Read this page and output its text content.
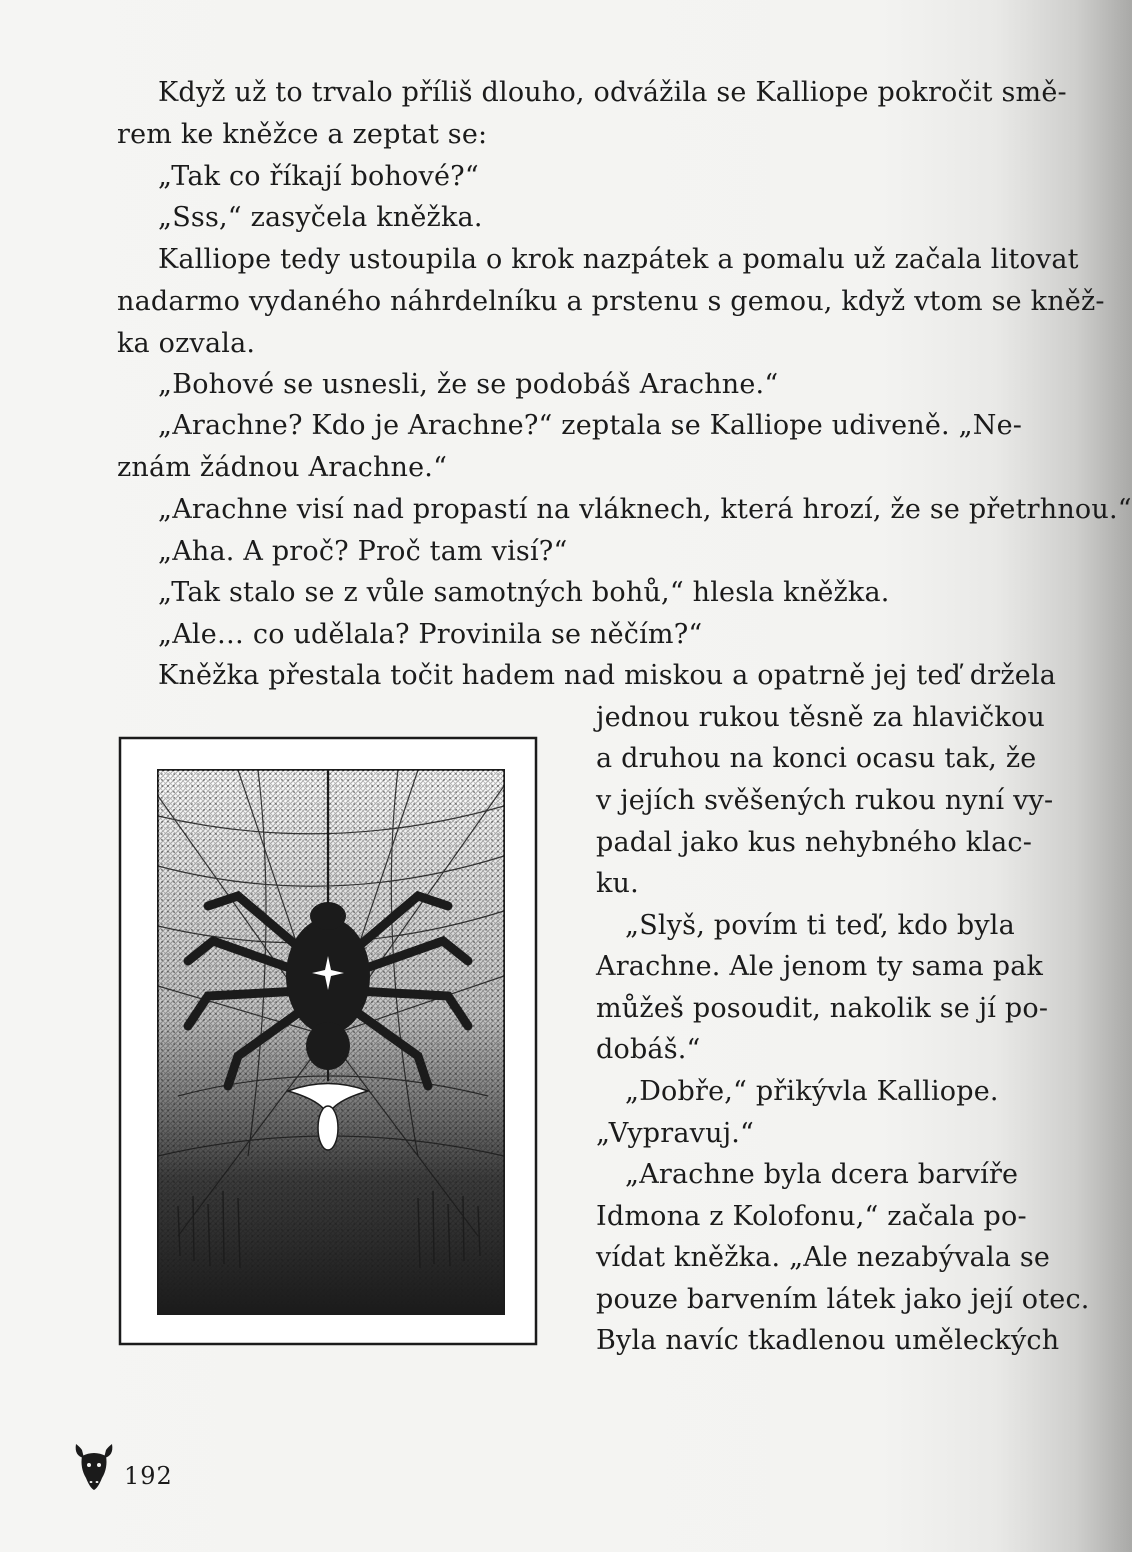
Když už to trvalo příliš dlouho, odvážila se Kalliope pokročit smě-
rem ke kněžce a zeptat se:
„Tak co říkají bohové?“
„Sss,“ zasyčela kněžka.
Kalliope tedy ustoupila o krok nazpátek a pomalu už začala litovat
nadarmo vydaného náhrdelníku a prstenu s gemou, když vtom se kněž-
ka ozvala.
„Bohové se usnesli, že se podobáš Arachne.“
„Arachne? Kdo je Arachne?“ zeptala se Kalliope udiveně. „Ne-
znám žádnou Arachne.“
„Arachne visí nad propastí na vláknech, která hrozí, že se přetrhnou.“
„Aha. A proč? Proč tam visí?“
„Tak stalo se z vůle samotných bohů,“ hlesla kněžka.
„Ale… co udělala? Provinila se něčím?“
Kněžka přestala točit hadem nad miskou a opatrně jej teď držela
jednou rukou těsně za hlavičkou
a druhou na konci ocasu tak, že
v jejích svěšených rukou nyní vy-
padal jako kus nehybného klac-
ku.
„Slyš, povím ti teď, kdo byla
Arachne. Ale jenom ty sama pak
můžeš posoudit, nakolik se jí po-
dobáš.“
„Dobře,“ přikývla Kalliope.
„Vypravuj.“
„Arachne byla dcera barvíře
Idmona z Kolofonu,“ začala po-
vídat kněžka. „Ale nezabývala se
pouze barvením látek jako její otec.
Byla navíc tkadlenou uměleckých
192
